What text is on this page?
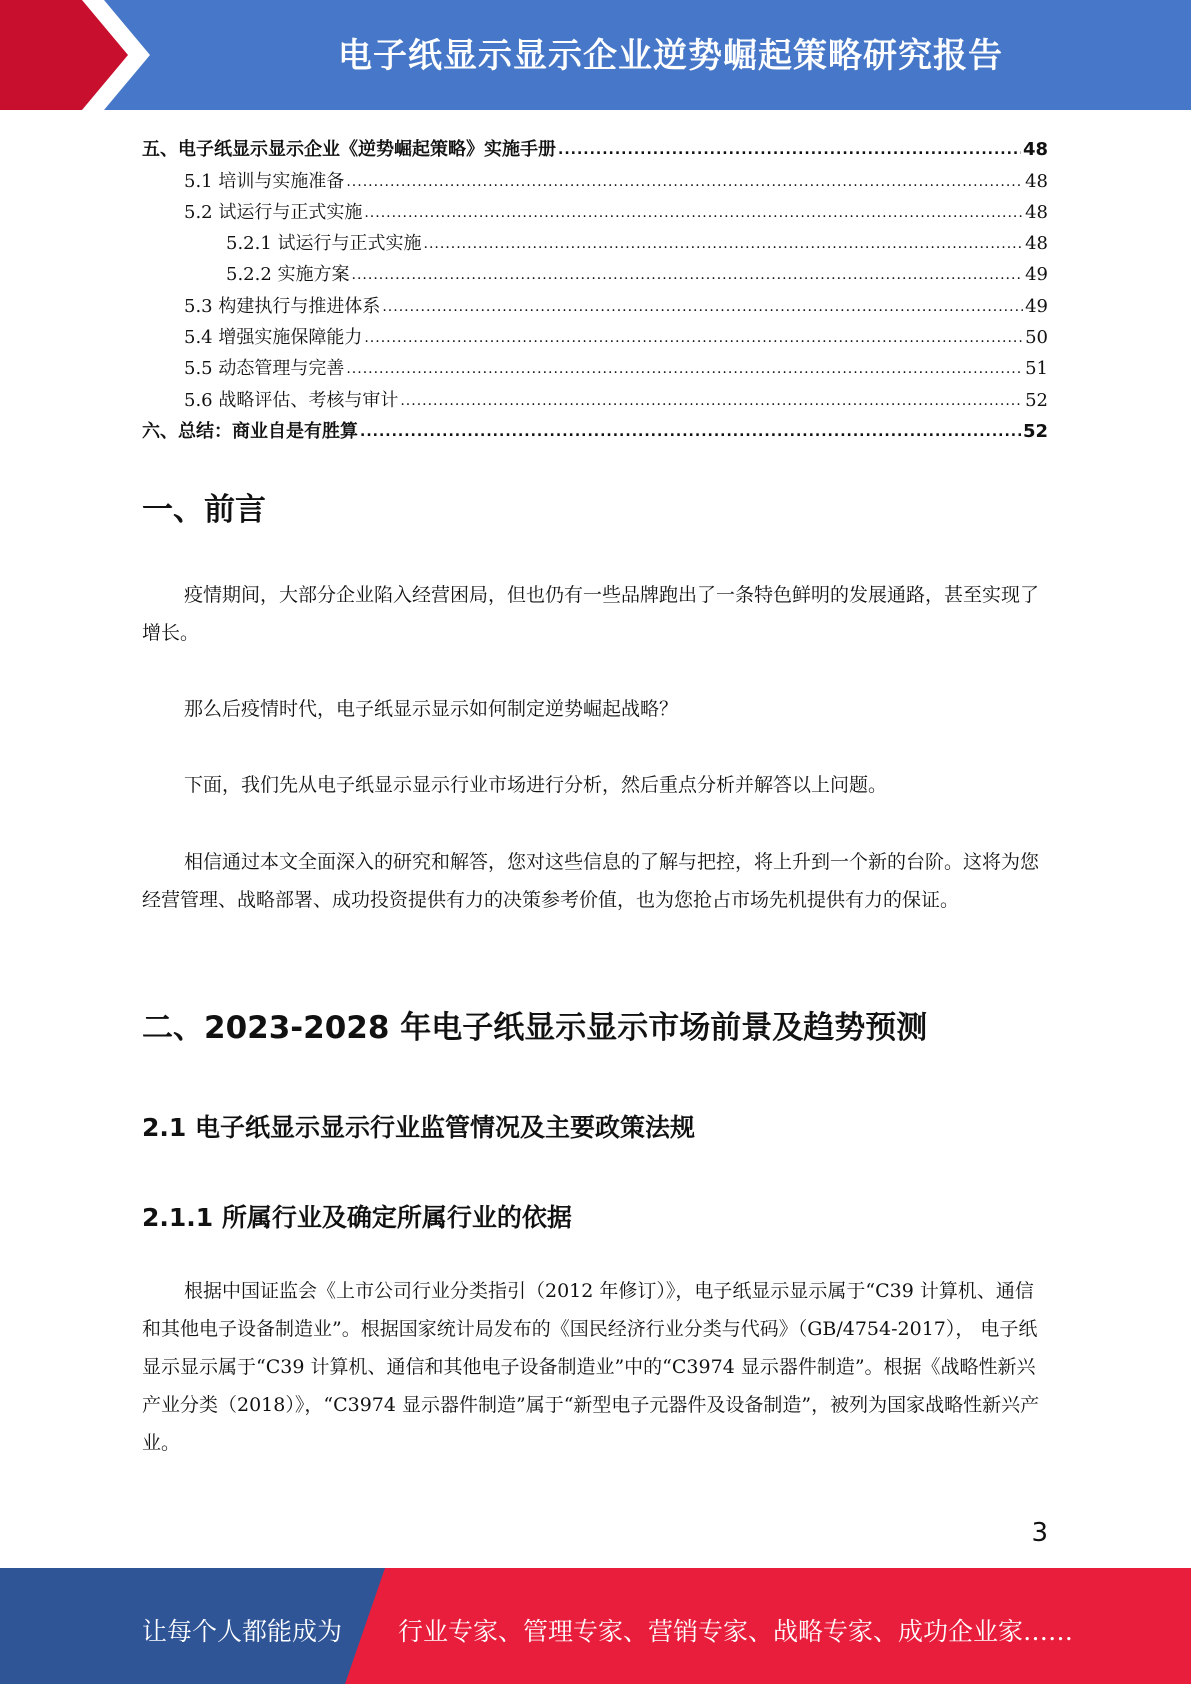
电子纸显示显示企业逆势崛起策略研究报告
五、电子纸显示显示企业《逆势崛起策略》实施手册 .....	48
5.1 培训与实施准备 .....	48
5.2 试运行与正式实施 .....	48
5.2.1 试运行与正式实施 .....	48
5.2.2 实施方案 .....	49
5.3 构建执行与推进体系 .....	49
5.4 增强实施保障能力 .....	50
5.5 动态管理与完善 .....	51
5.6 战略评估、考核与审计 .....	52
六、总结：商业自是有胜算 .....	52
一、前言

疫情期间，大部分企业陷入经营困局，但也仍有一些品牌跑出了一条特色鲜明的发展通路，甚至实现了增长。

那么后疫情时代，电子纸显示显示如何制定逆势崛起战略？

下面，我们先从电子纸显示显示行业市场进行分析，然后重点分析并解答以上问题。

相信通过本文全面深入的研究和解答，您对这些信息的了解与把控，将上升到一个新的台阶。这将为您经营管理、战略部署、成功投资提供有力的决策参考价值，也为您抢占市场先机提供有力的保证。

二、2023-2028 年电子纸显示显示市场前景及趋势预测
2.1 电子纸显示显示行业监管情况及主要政策法规
2.1.1 所属行业及确定所属行业的依据

根据中国证监会《上市公司行业分类指引（2012 年修订）》，电子纸显示显示属于“C39 计算机、通信和其他电子设备制造业”。根据国家统计局发布的《国民经济行业分类与代码》（GB/4754-2017）， 电子纸显示显示属于“C39 计算机、通信和其他电子设备制造业”中的“C3974 显示器件制造”。根据《战略性新兴产业分类（2018）》，“C3974 显示器件制造”属于“新型电子元器件及设备制造”，被列为国家战略性新兴产业。

3
让每个人都能成为 行业专家、管理专家、营销专家、战略专家、成功企业家……
